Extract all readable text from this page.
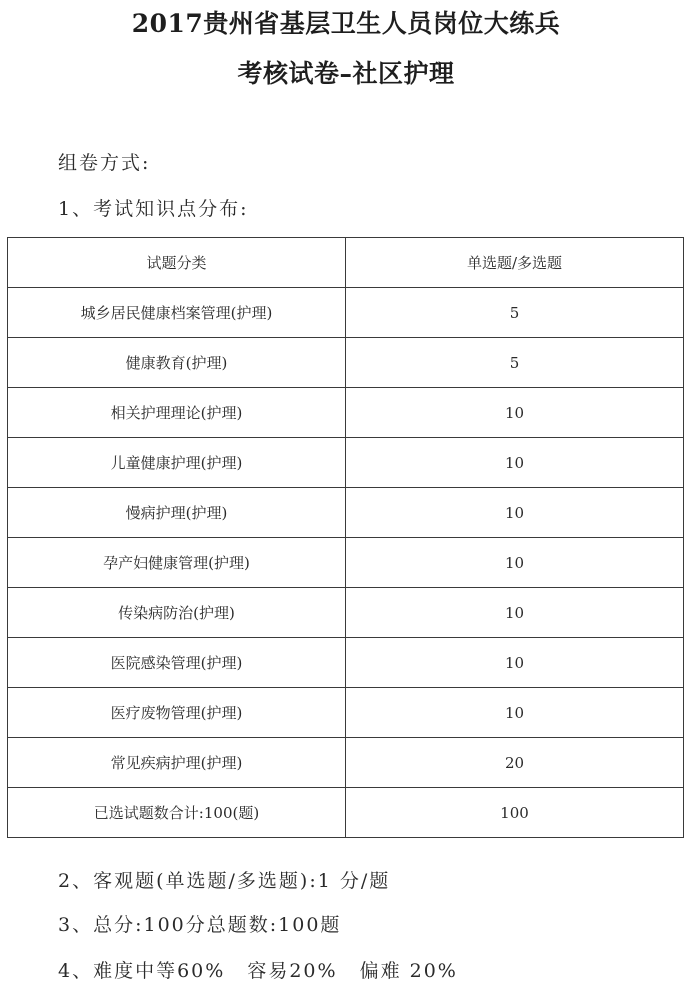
2017贵州省基层卫生人员岗位大练兵
考核试卷–社区护理
组卷方式:
1、考试知识点分布:
试题分类	单选题/多选题
城乡居民健康档案管理(护理)	5
健康教育(护理)	5
相关护理理论(护理)	10
儿童健康护理(护理)	10
慢病护理(护理)	10
孕产妇健康管理(护理)	10
传染病防治(护理)	10
医院感染管理(护理)	10
医疗废物管理(护理)	10
常见疾病护理(护理)	20
已选试题数合计:100(题)	100
2、客观题(单选题/多选题):1 分/题
3、总分:100分总题数:100题
4、难度中等60% 容易20% 偏难 20%
